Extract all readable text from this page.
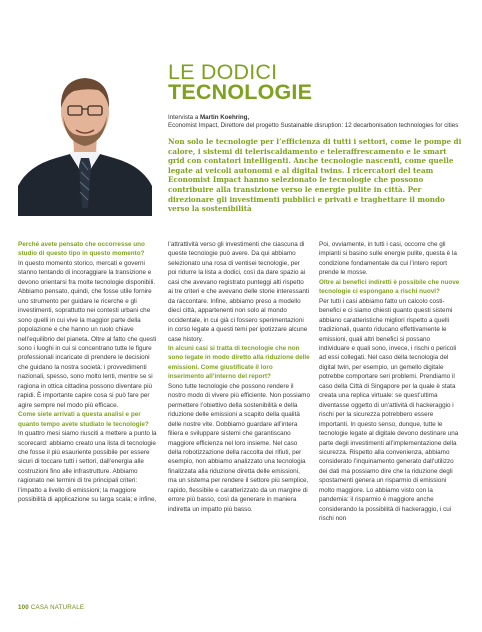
LE DODICI
TECNOLOGIE
Intervista a Martin Koehring,
Economist Impact, Direttore del progetto Sustainable disruption: 12 decarbonisation technologies for cities

Non solo le tecnologie per l’efficienza di tutti i settori, come le pompe di calore, i sistemi di teleriscaldamento e teleraffrescamento e le smart grid con contatori intelligenti. Anche tecnologie nascenti, come quelle legate ai veicoli autonomi e al digital twins. I ricercatori del team Economist Impact hanno selezionato le tecnologie che possono contribuire alla transizione verso le energie pulite in città. Per direzionare gli investimenti pubblici e privati e traghettare il mondo verso la sostenibilità

Perché avete pensato che occorresse uno studio di questo tipo in questo momento?

In questo momento storico, mercati e governi stanno tentando di incoraggiare la transizione e devono orientarsi fra molte tecnologie disponibili. Abbiamo pensato, quindi, che fosse utile fornire uno strumento per guidare le ricerche e gli investimenti, soprattutto nei contesti urbani che sono quelli in cui vive la maggior parte della popolazione e che hanno un ruolo chiave nell’equilibrio del pianeta. Oltre al fatto che questi sono i luoghi in cui si concentrano tutte le figure professionali incaricate di prendere le decisioni che guidano la nostra società: i provvedimenti nazionali, spesso, sono molto lenti, mentre se si ragiona in ottica cittadina possono diventare più rapidi. È importante capire cosa si può fare per agire sempre nel modo più efficace.

Come siete arrivati a questa analisi e per quanto tempo avete studiato le tecnologie?

In quattro mesi siamo riusciti a mettere a punto la scorecard: abbiamo creato una lista di tecnologie che fosse il più esauriente possibile per essere sicuri di toccare tutti i settori, dall’energia alle costruzioni fino alle infrastrutture. Abbiamo ragionato nei termini di tre principali criteri: l’impatto a livello di emissioni; la maggiore possibilità di applicazione su larga scala; e infine,

l’attrattività verso gli investimenti che ciascuna di queste tecnologie può avere. Da qui abbiamo selezionato una rosa di ventisei tecnologie, per poi ridurre la lista a dodici, così da dare spazio ai casi che avevano registrato punteggi alti rispetto ai tre criteri e che avevano delle storie interessanti da raccontare. Infine, abbiamo preso a modello dieci città, appartenenti non solo al mondo occidentale, in cui già ci fossero sperimentazioni in corso legate a questi temi per ipotizzare alcune case history.

In alcuni casi si tratta di tecnologie che non sono legate in modo diretto alla riduzione delle emissioni. Come giustificate il loro inserimento all’interno del report?

Sono tutte tecnologie che possono rendere il nostro modo di vivere più efficiente. Non possiamo permettere l’obiettivo della sostenibilità e della riduzione delle emissioni a scapito della qualità delle nostre vite. Dobbiamo guardare all’intera filiera e sviluppare sistemi che garantiscano maggiore efficienza nel loro insieme. Nel caso della robotizzazione della raccolta dei rifiuti, per esempio, non abbiamo analizzato una tecnologia finalizzata alla riduzione diretta delle emissioni, ma un sistema per rendere il settore più semplice, rapido, flessibile e caratterizzato da un margine di errore più basso, così da generare in maniera indiretta un impatto più basso.

Poi, ovviamente, in tutti i casi, occorre che gli impianti si basino sulle energie pulite, questa è la condizione fondamentale da cui l’intero report prende le mosse.

Oltre ai benefici indiretti è possibile che nuove tecnologie ci espongano a rischi nuovi?

Per tutti i casi abbiamo fatto un calcolo costi-benefici e ci siamo chiesti quanto questi sistemi abbiano caratteristiche migliori rispetto a quelli tradizionali, quanto riducano effettivamente le emissioni, quali altri benefici si possano individuare e quali sono, invece, i rischi o pericoli ad essi collegati. Nel caso della tecnologia del digital twin, per esempio, un gemello digitale potrebbe comportare seri problemi. Prendiamo il caso della Città di Singapore per la quale è stata creata una replica virtuale: se quest’ultima diventasse oggetto di un’attività di hackeraggio i rischi per la sicurezza potrebbero essere importanti. In questo senso, dunque, tutte le tecnologie legate al digitale devono destinare una parte degli investimenti all’implementazione della sicurezza. Rispetto alla convenienza, abbiamo considerato l’inquinamento generato dall’utilizzo dei dati ma possiamo dire che la riduzione degli spostamenti genera un risparmio di emissioni molto maggiore. Lo abbiamo visto con la pandemia: il risparmio è maggiore anche considerando la possibilità di hackeraggio, i cui rischi non

100 CASA NATURALE
